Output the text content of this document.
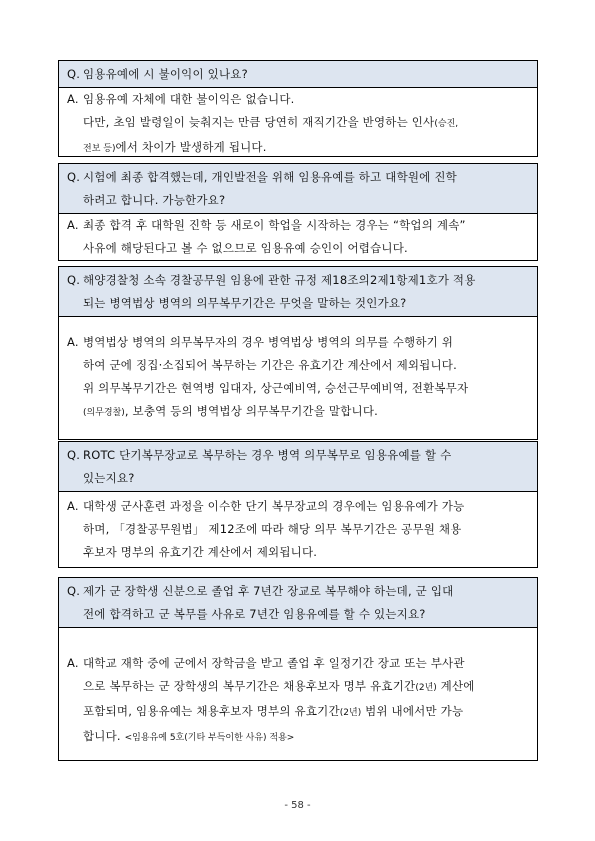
Q. 임용유예에 시 불이익이 있나요?
A. 임용유예 자체에 대한 불이익은 없습니다.
다만, 초임 발령일이 늦춰지는 만큼 당연히 재직기간을 반영하는 인사(승진,
전보 등)에서 차이가 발생하게 됩니다.
Q. 시험에 최종 합격했는데, 개인발전을 위해 임용유예를 하고 대학원에 진학
하려고 합니다. 가능한가요?
A. 최종 합격 후 대학원 진학 등 새로이 학업을 시작하는 경우는 “학업의 계속”
사유에 해당된다고 볼 수 없으므로 임용유예 승인이 어렵습니다.
Q. 해양경찰청 소속 경찰공무원 임용에 관한 규정 제18조의2제1항제1호가 적용
되는 병역법상 병역의 의무복무기간은 무엇을 말하는 것인가요?
A. 병역법상 병역의 의무복무자의 경우 병역법상 병역의 의무를 수행하기 위
하여 군에 징집·소집되어 복무하는 기간은 유효기간 계산에서 제외됩니다.
위 의무복무기간은 현역병 입대자, 상근예비역, 승선근무예비역, 전환복무자
(의무경찰), 보충역 등의 병역법상 의무복무기간을 말합니다.
Q. ROTC 단기복무장교로 복무하는 경우 병역 의무복무로 임용유예를 할 수
있는지요?
A. 대학생 군사훈련 과정을 이수한 단기 복무장교의 경우에는 임용유예가 가능
하며, 「경찰공무원법」 제12조에 따라 해당 의무 복무기간은 공무원 채용
후보자 명부의 유효기간 계산에서 제외됩니다.
Q. 제가 군 장학생 신분으로 졸업 후 7년간 장교로 복무해야 하는데, 군 입대
전에 합격하고 군 복무를 사유로 7년간 임용유예를 할 수 있는지요?
A. 대학교 재학 중에 군에서 장학금을 받고 졸업 후 일정기간 장교 또는 부사관
으로 복무하는 군 장학생의 복무기간은 채용후보자 명부 유효기간(2년) 계산에
포함되며, 임용유예는 채용후보자 명부의 유효기간(2년) 범위 내에서만 가능
합니다. <임용유예 5호(기타 부득이한 사유) 적용>
- 58 -
